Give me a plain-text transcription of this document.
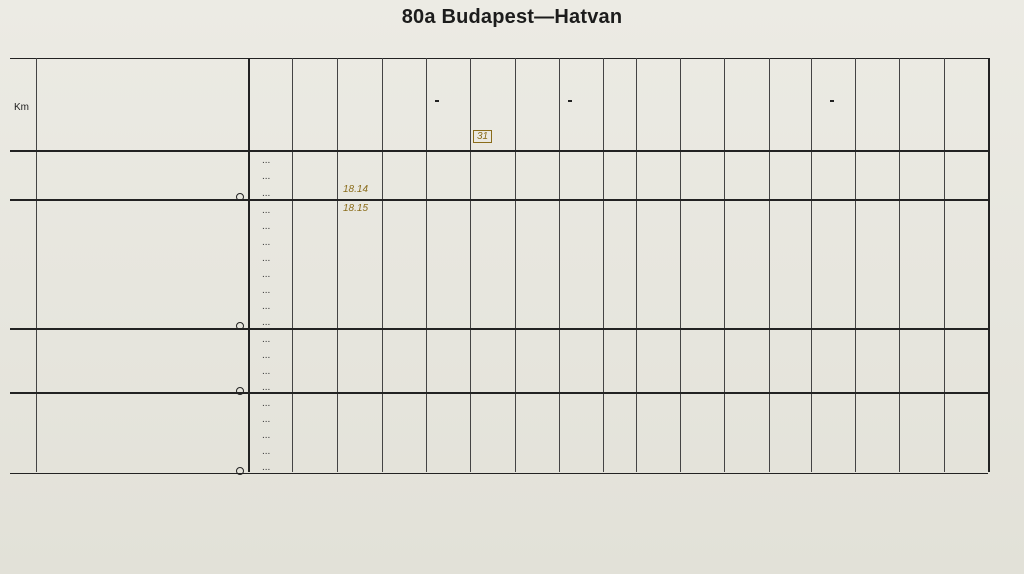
80a Budapest—Hatvan
Km
...
...
...
...
...
...
...
...
...
...
...
...
...
...
...
...
...
...
...
...
31
18.14
18.15
